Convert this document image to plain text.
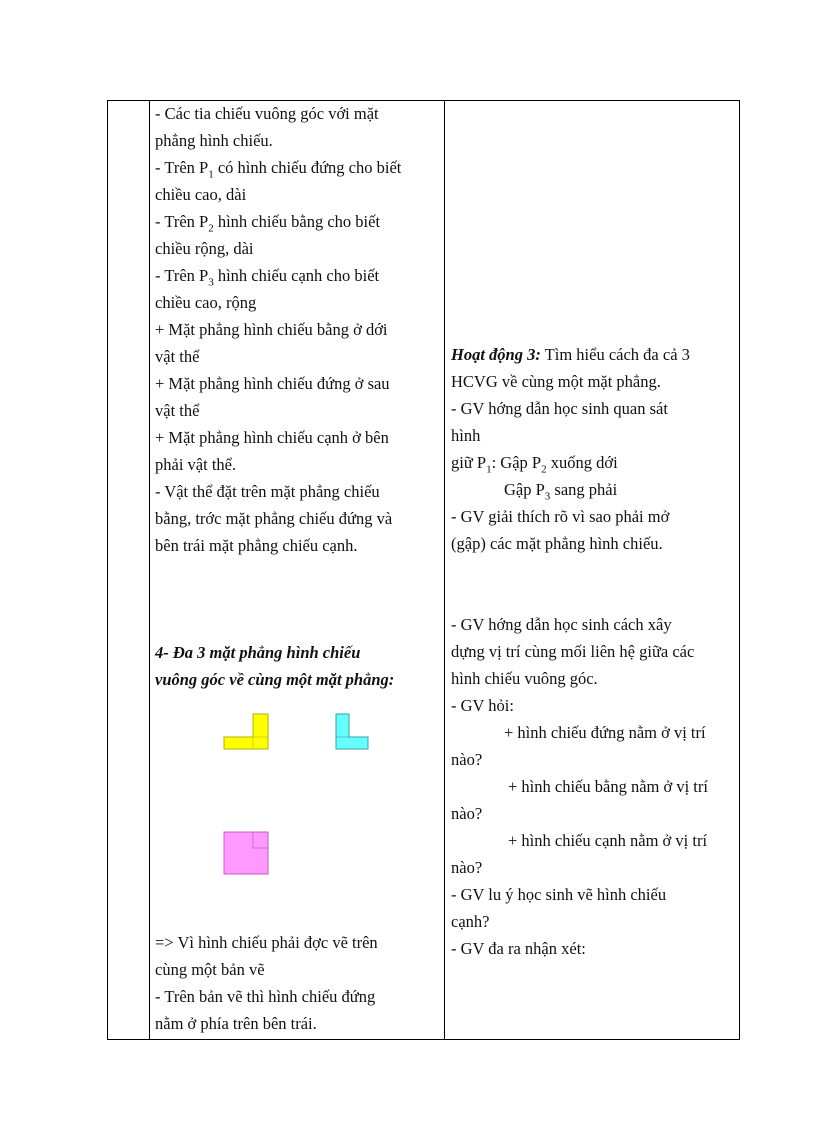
- Các tia chiếu vuông góc với mặt
phẳng hình chiếu.
- Trên $P_1$ có hình chiếu đứng cho biết
chiều cao, dài
- Trên $P_2$ hình chiếu bằng cho biết
chiều rộng, dài
- Trên $P_3$ hình chiếu cạnh cho biết
chiều cao, rộng
+ Mặt phẳng hình chiếu bằng ở dới
vật thể
+ Mặt phẳng hình chiếu đứng ở sau
vật thể
+ Mặt phẳng hình chiếu cạnh ở bên
phải vật thể.
- Vật thể đặt trên mặt phẳng chiếu
bằng, trớc mặt phẳng chiếu đứng và
bên trái mặt phẳng chiếu cạnh.
4- Đa 3 mặt phẳng hình chiếu
vuông góc về cùng một mặt phẳng:
=> Vì hình chiếu phải đợc vẽ trên
cùng một bản vẽ
- Trên bản vẽ thì hình chiếu đứng
nằm ở phía trên bên trái.
Hoạt động 3: Tìm hiểu cách đa cả 3
HCVG về cùng một mặt phẳng.
- GV hớng dẫn học sinh quan sát
hình
giữ $P_1$: Gập $P_2$ xuống dới
Gập $P_3$ sang phải
- GV giải thích rõ vì sao phải mở
(gập) các mặt phẳng hình chiếu.
- GV hớng dẫn học sinh cách xây
dựng vị trí cùng mối liên hệ giữa các
hình chiếu vuông góc.
- GV hỏi:
+ hình chiếu đứng nằm ở vị trí
nào?
+ hình chiếu bằng nằm ở vị trí
nào?
+ hình chiếu cạnh nằm ở vị trí
nào?
- GV lu ý học sinh vẽ hình chiếu
cạnh?
- GV đa ra nhận xét:
